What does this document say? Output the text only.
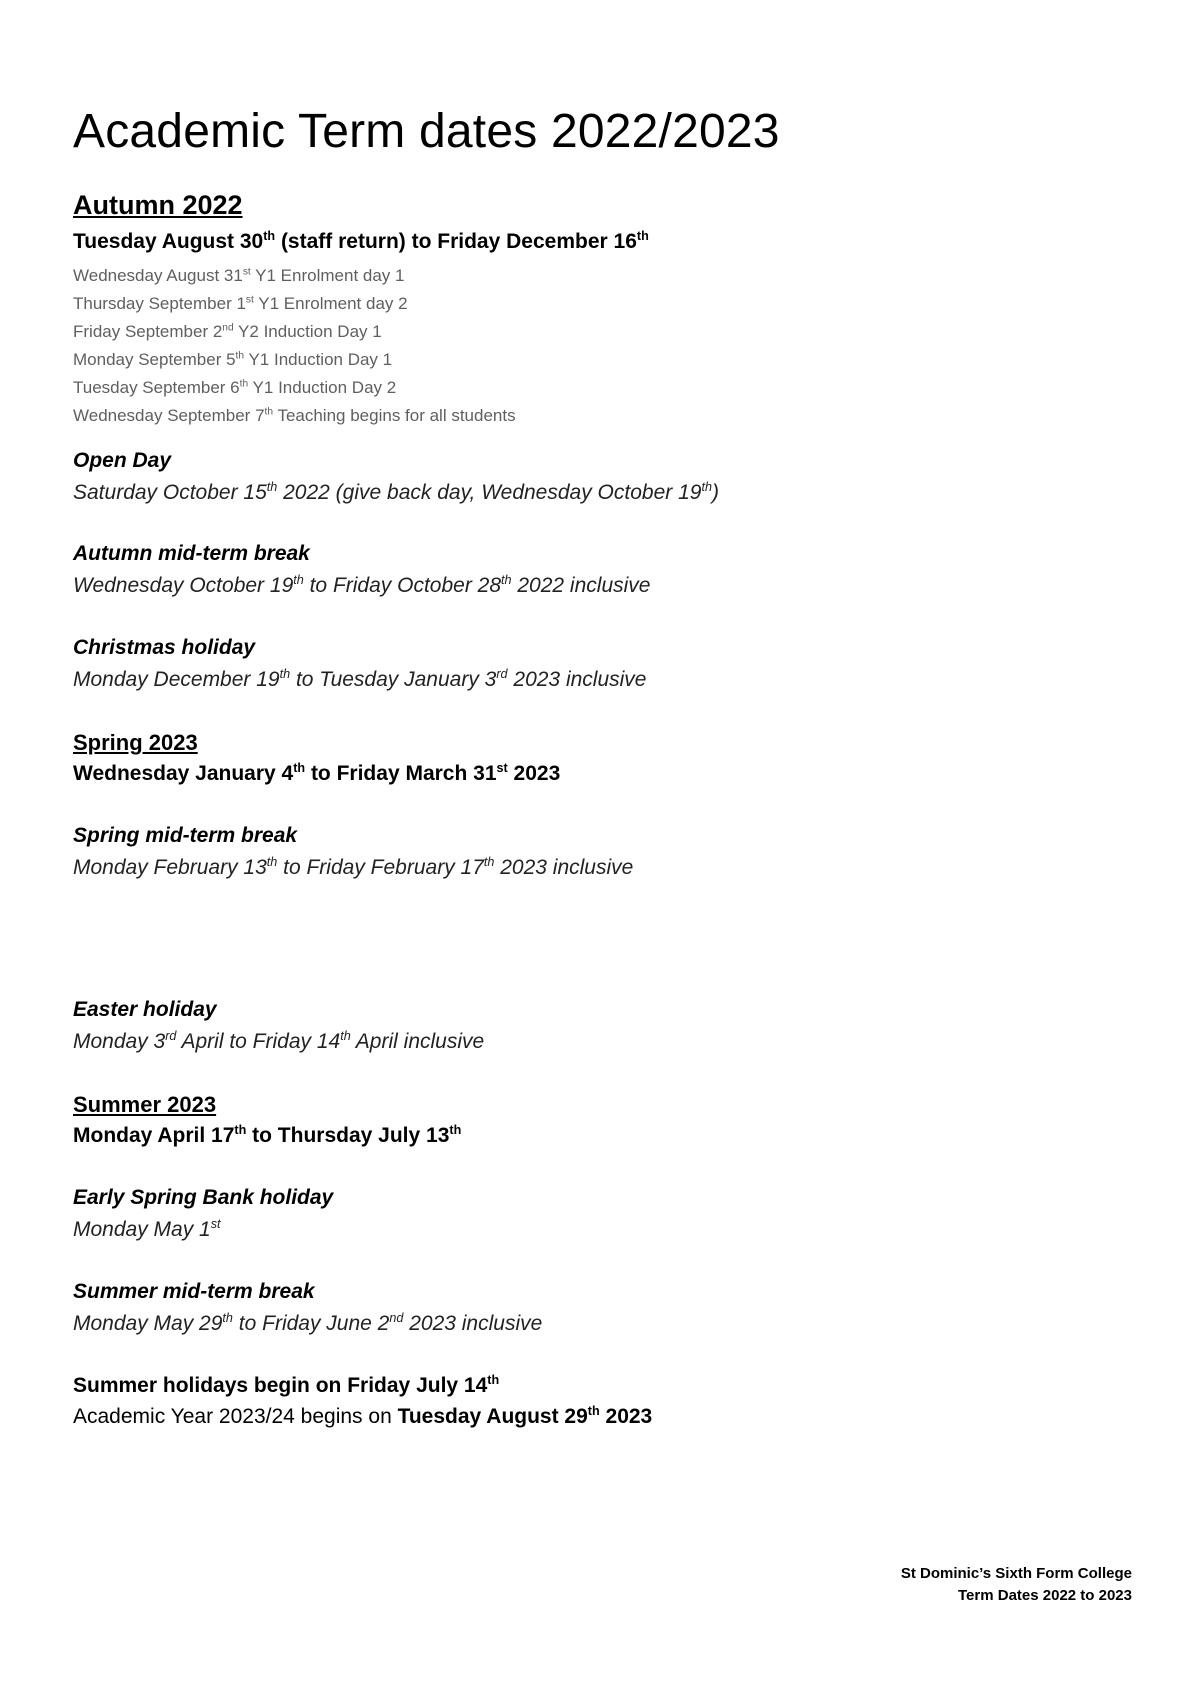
Academic Term dates 2022/2023
Autumn 2022
Tuesday August 30th (staff return) to Friday December 16th
Wednesday August 31st Y1 Enrolment day 1
Thursday September 1st Y1 Enrolment day 2
Friday September 2nd Y2 Induction Day 1
Monday September 5th Y1 Induction Day 1
Tuesday September 6th Y1 Induction Day 2
Wednesday September 7th Teaching begins for all students
Open Day
Saturday October 15th 2022 (give back day, Wednesday October 19th)
Autumn mid-term break
Wednesday October 19th to Friday October 28th 2022 inclusive
Christmas holiday
Monday December 19th to Tuesday January 3rd 2023 inclusive
Spring 2023
Wednesday January 4th to Friday March 31st 2023
Spring mid-term break
Monday February 13th to Friday February 17th 2023 inclusive
Easter holiday
Monday 3rd April to Friday 14th April inclusive
Summer 2023
Monday April 17th to Thursday July 13th
Early Spring Bank holiday
Monday May 1st
Summer mid-term break
Monday May 29th to Friday June 2nd 2023 inclusive
Summer holidays begin on Friday July 14th
Academic Year 2023/24 begins on Tuesday August 29th 2023
St Dominic’s Sixth Form College
Term Dates 2022 to 2023
